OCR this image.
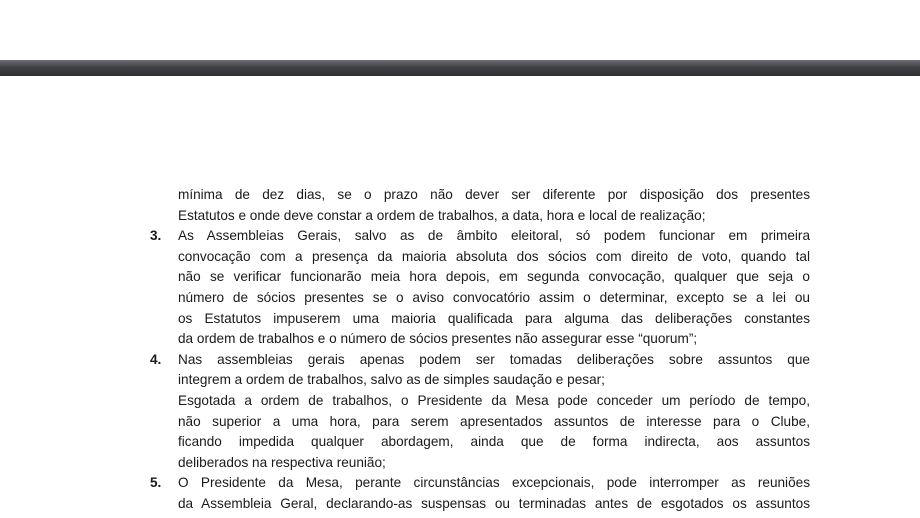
mínima de dez dias, se o prazo não dever ser diferente por disposição dos presentes
Estatutos e onde deve constar a ordem de trabalhos, a data, hora e local de realização;
3.	As Assembleias Gerais, salvo as de âmbito eleitoral, só podem funcionar em primeira
convocação com a presença da maioria absoluta dos sócios com direito de voto, quando tal
não se verificar funcionarão meia hora depois, em segunda convocação, qualquer que seja o
número de sócios presentes se o aviso convocatório assim o determinar, excepto se a lei ou
os Estatutos impuserem uma maioria qualificada para alguma das deliberações constantes
da ordem de trabalhos e o número de sócios presentes não assegurar esse “quorum”;
4.	Nas assembleias gerais apenas podem ser tomadas deliberações sobre assuntos que
integrem a ordem de trabalhos, salvo as de simples saudação e pesar;
Esgotada a ordem de trabalhos, o Presidente da Mesa pode conceder um período de tempo,
não superior a uma hora, para serem apresentados assuntos de interesse para o Clube,
ficando impedida qualquer abordagem, ainda que de forma indirecta, aos assuntos
deliberados na respectiva reunião;
5.	O Presidente da Mesa, perante circunstâncias excepcionais, pode interromper as reuniões
da Assembleia Geral, declarando-as suspensas ou terminadas antes de esgotados os assuntos
